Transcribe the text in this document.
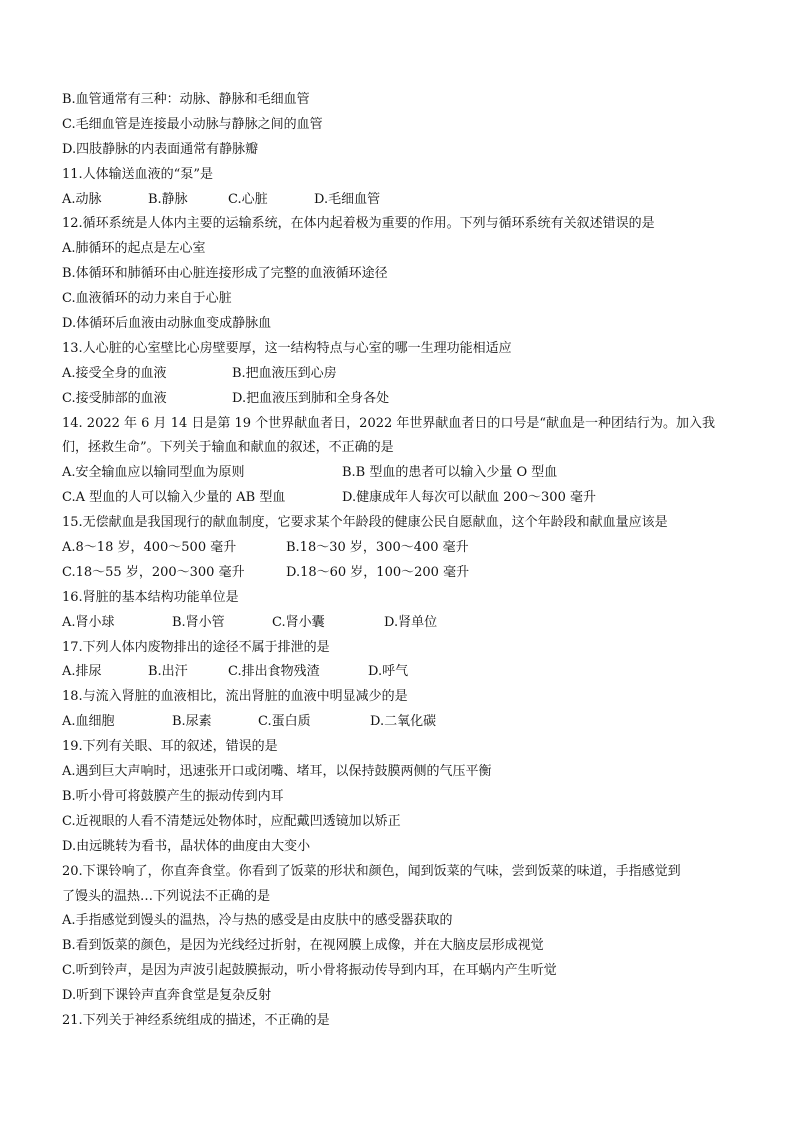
B.血管通常有三种：动脉、静脉和毛细血管
C.毛细血管是连接最小动脉与静脉之间的血管
D.四肢静脉的内表面通常有静脉瓣
11.人体输送血液的“泵”是
A.动脉	B.静脉	C.心脏	D.毛细血管
12.循环系统是人体内主要的运输系统，在体内起着极为重要的作用。下列与循环系统有关叙述错误的是
A.肺循环的起点是左心室
B.体循环和肺循环由心脏连接形成了完整的血液循环途径
C.血液循环的动力来自于心脏
D.体循环后血液由动脉血变成静脉血
13.人心脏的心室壁比心房壁要厚，这一结构特点与心室的哪一生理功能相适应
A.接受全身的血液	B.把血液压到心房
C.接受肺部的血液	D.把血液压到肺和全身各处
14. 2022 年 6 月 14 日是第 19 个世界献血者日，2022 年世界献血者日的口号是“献血是一种团结行为。加入我
们，拯救生命”。下列关于输血和献血的叙述，不正确的是
A.安全输血应以输同型血为原则	B.B 型血的患者可以输入少量 O 型血
C.A 型血的人可以输入少量的 AB 型血	D.健康成年人每次可以献血 200～300 毫升
15.无偿献血是我国现行的献血制度，它要求某个年龄段的健康公民自愿献血，这个年龄段和献血量应该是
A.8～18 岁，400～500 毫升	B.18～30 岁，300～400 毫升
C.18～55 岁，200～300 毫升	D.18～60 岁，100～200 毫升
16.肾脏的基本结构功能单位是
A.肾小球	B.肾小管	C.肾小囊	D.肾单位
17.下列人体内废物排出的途径不属于排泄的是
A.排尿	B.出汗	C.排出食物残渣	D.呼气
18.与流入肾脏的血液相比，流出肾脏的血液中明显减少的是
A.血细胞	B.尿素	C.蛋白质	D.二氧化碳
19.下列有关眼、耳的叙述，错误的是
A.遇到巨大声响时，迅速张开口或闭嘴、堵耳，以保持鼓膜两侧的气压平衡
B.听小骨可将鼓膜产生的振动传到内耳
C.近视眼的人看不清楚远处物体时，应配戴凹透镜加以矫正
D.由远眺转为看书，晶状体的曲度由大变小
20.下课铃响了，你直奔食堂。你看到了饭菜的形状和颜色，闻到饭菜的气味，尝到饭菜的味道，手指感觉到
了馒头的温热…下列说法不正确的是
A.手指感觉到馒头的温热，冷与热的感受是由皮肤中的感受器获取的
B.看到饭菜的颜色，是因为光线经过折射，在视网膜上成像，并在大脑皮层形成视觉
C.听到铃声，是因为声波引起鼓膜振动，听小骨将振动传导到内耳，在耳蜗内产生听觉
D.听到下课铃声直奔食堂是复杂反射
21.下列关于神经系统组成的描述，不正确的是
